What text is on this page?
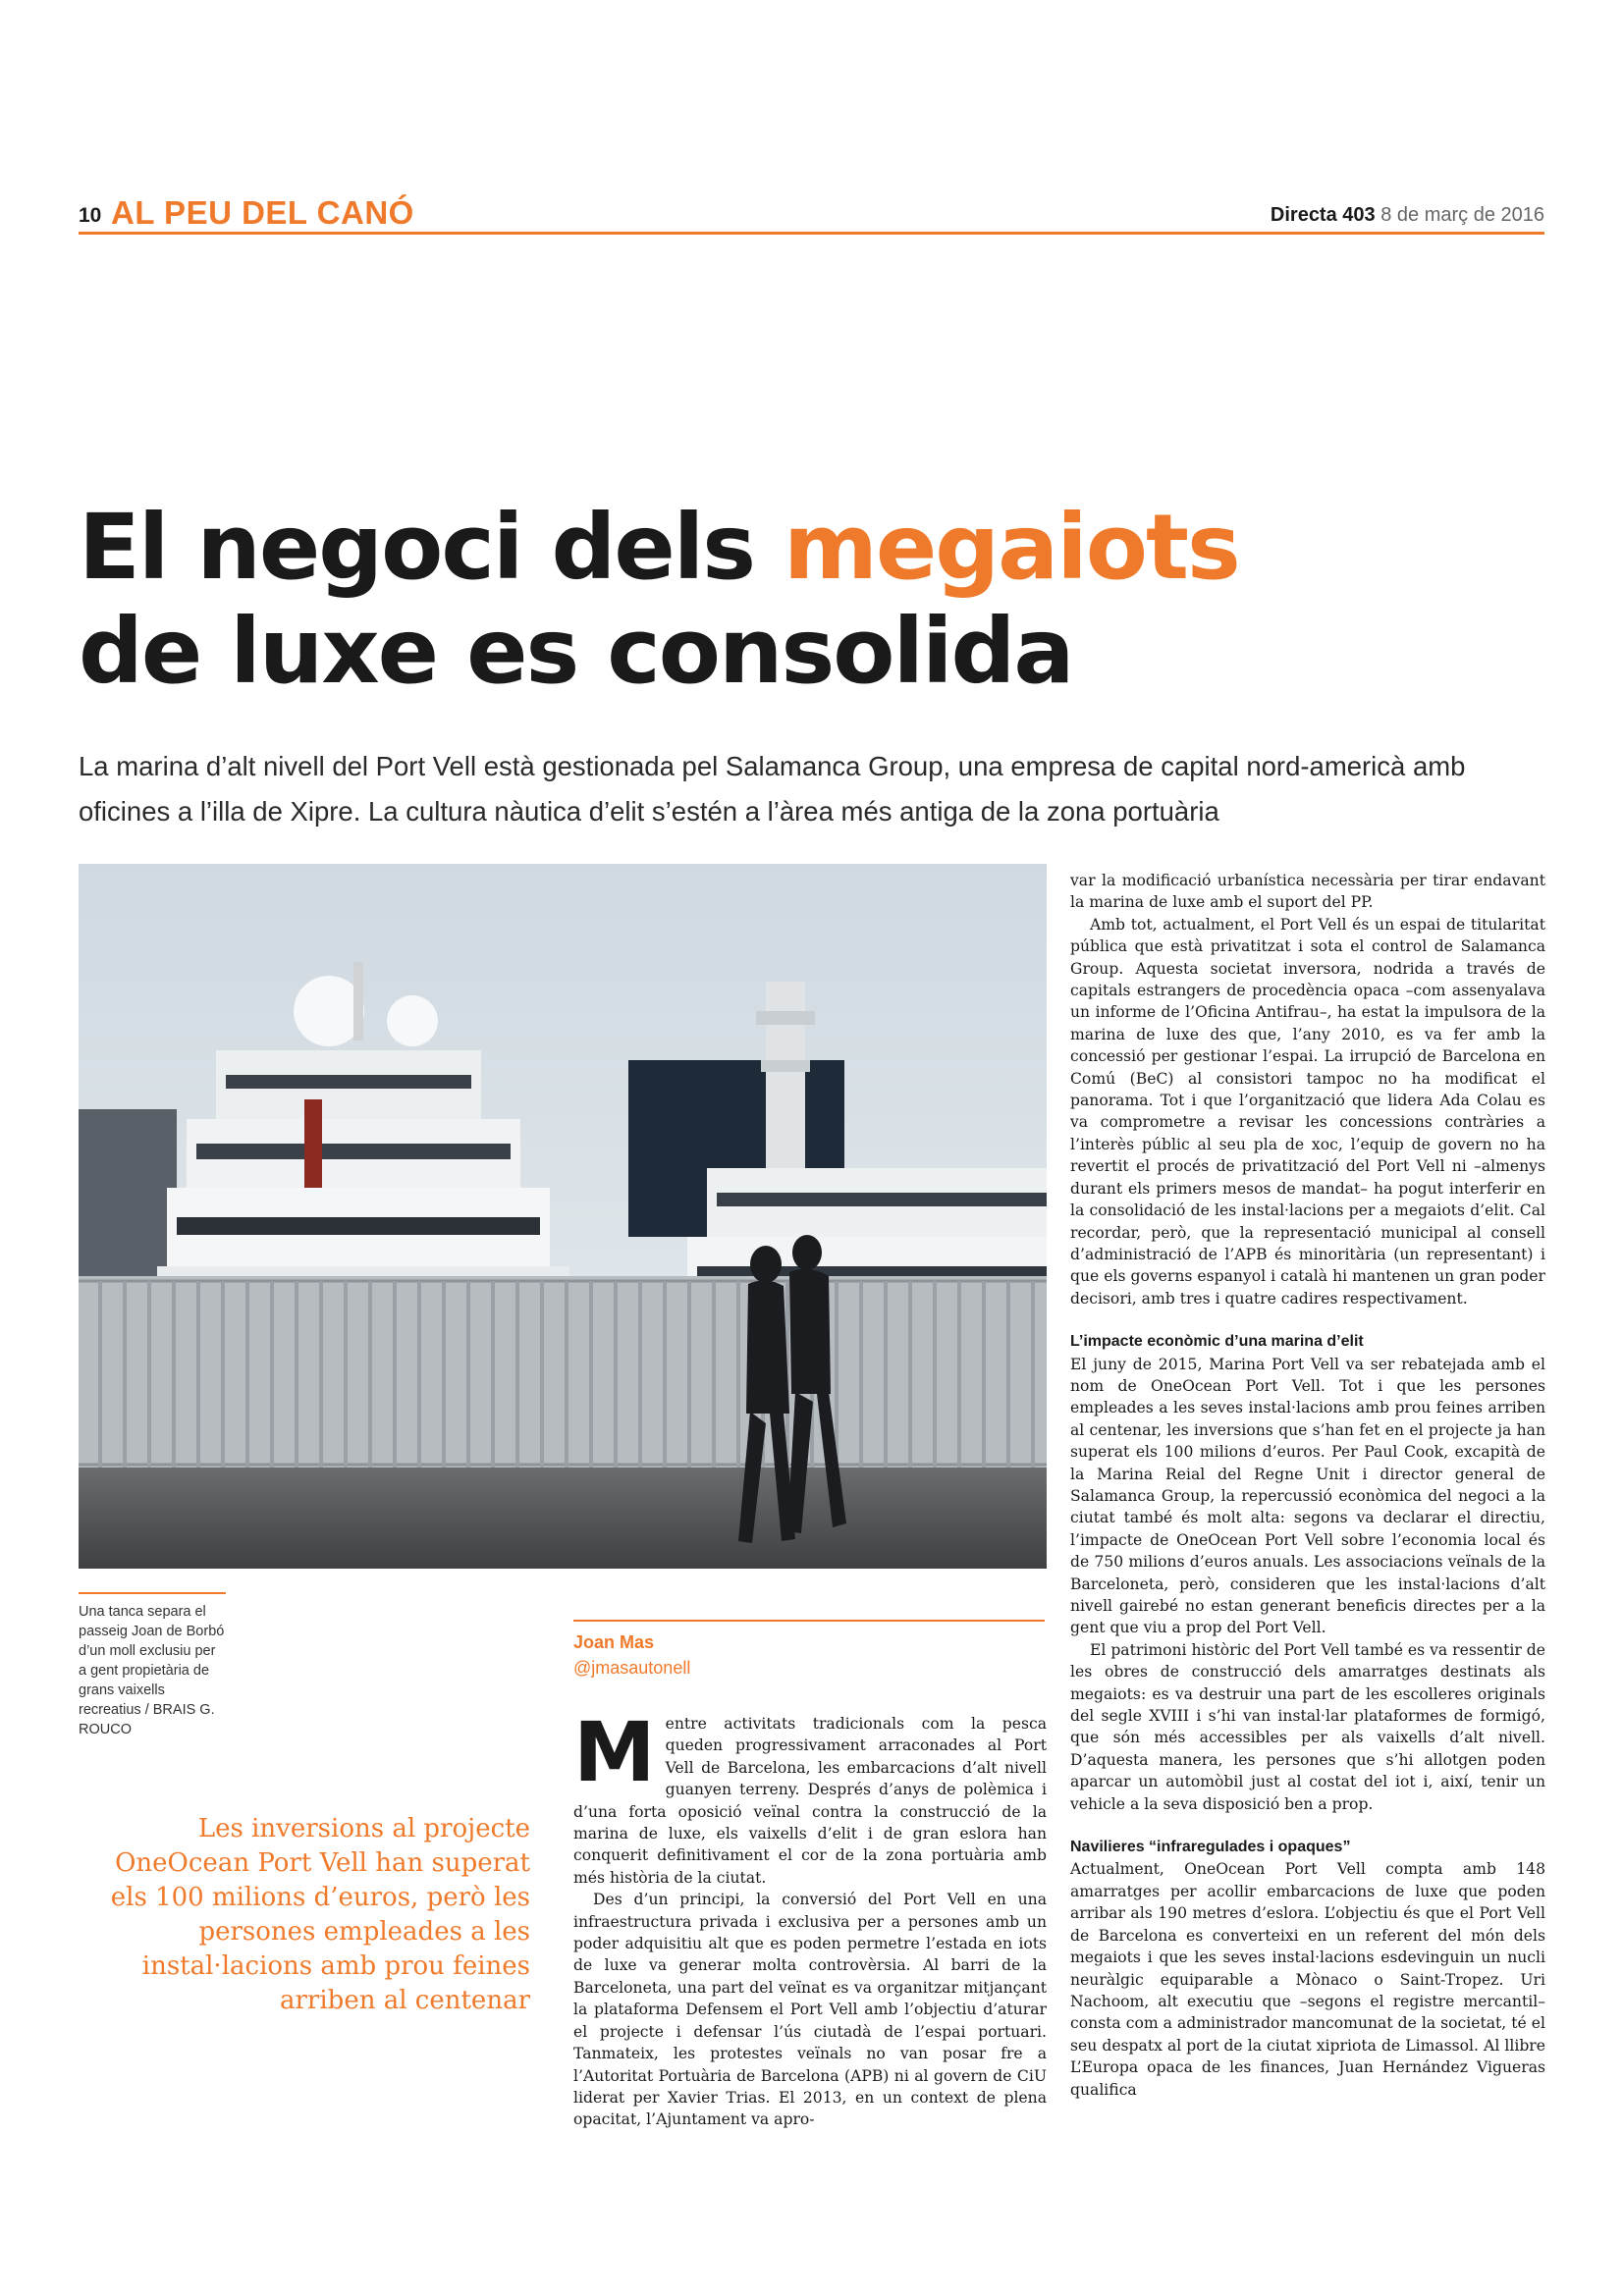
10 AL PEU DEL CANÓ	Directa 403 8 de març de 2016
El negoci dels megaiots
de luxe es consolida

La marina d’alt nivell del Port Vell està gestionada pel Salamanca Group, una empresa de capital nord-americà amb oficines a l’illa de Xipre. La cultura nàutica d’elit s’estén a l’àrea més antiga de la zona portuària

Una tanca separa el passeig Joan de Borbó d’un moll exclusiu per a gent propietària de grans vaixells recreatius / BRAIS G. ROUCO

Les inversions al projecte OneOcean Port Vell han superat els 100 milions d’euros, però les persones empleades a les instal·lacions amb prou feines arriben al centenar

Joan Mas
@jmasautonell

Mentre activitats tradicionals com la pesca queden progressivament arraconades al Port Vell de Barcelona, les embarcacions d’alt nivell guanyen terreny. Després d’anys de polèmica i d’una forta oposició veïnal contra la construcció de la marina de luxe, els vaixells d’elit i de gran eslora han conquerit definitivament el cor de la zona portuària amb més història de la ciutat.

Des d’un principi, la conversió del Port Vell en una infraestructura privada i exclusiva per a persones amb un poder adquisitiu alt que es poden permetre l’estada en iots de luxe va generar molta controvèrsia. Al barri de la Barceloneta, una part del veïnat es va organitzar mitjançant la plataforma Defensem el Port Vell amb l’objectiu d’aturar el projecte i defensar l’ús ciutadà de l’espai portuari. Tanmateix, les protestes veïnals no van posar fre a l’Autoritat Portuària de Barcelona (APB) ni al govern de CiU liderat per Xavier Trias. El 2013, en un context de plena opacitat, l’Ajuntament va apro-

var la modificació urbanística necessària per tirar endavant la marina de luxe amb el suport del PP.

Amb tot, actualment, el Port Vell és un espai de titularitat pública que està privatitzat i sota el control de Salamanca Group. Aquesta societat inversora, nodrida a través de capitals estrangers de procedència opaca –com assenyalava un informe de l’Oficina Antifrau–, ha estat la impulsora de la marina de luxe des que, l’any 2010, es va fer amb la concessió per gestionar l’espai. La irrupció de Barcelona en Comú (BeC) al consistori tampoc no ha modificat el panorama. Tot i que l’organització que lidera Ada Colau es va comprometre a revisar les concessions contràries a l’interès públic al seu pla de xoc, l’equip de govern no ha revertit el procés de privatització del Port Vell ni –almenys durant els primers mesos de mandat– ha pogut interferir en la consolidació de les instal·lacions per a megaiots d’elit. Cal recordar, però, que la representació municipal al consell d’administració de l’APB és minoritària (un representant) i que els governs espanyol i català hi mantenen un gran poder decisori, amb tres i quatre cadires respectivament.

L’impacte econòmic d’una marina d’elit

El juny de 2015, Marina Port Vell va ser rebatejada amb el nom de OneOcean Port Vell. Tot i que les persones empleades a les seves instal·lacions amb prou feines arriben al centenar, les inversions que s’han fet en el projecte ja han superat els 100 milions d’euros. Per Paul Cook, excapità de la Marina Reial del Regne Unit i director general de Salamanca Group, la repercussió econòmica del negoci a la ciutat també és molt alta: segons va declarar el directiu, l’impacte de OneOcean Port Vell sobre l’economia local és de 750 milions d’euros anuals. Les associacions veïnals de la Barceloneta, però, consideren que les instal·lacions d’alt nivell gairebé no estan generant beneficis directes per a la gent que viu a prop del Port Vell.

El patrimoni històric del Port Vell també es va ressentir de les obres de construcció dels amarratges destinats als megaiots: es va destruir una part de les escolleres originals del segle XVIII i s’hi van instal·lar plataformes de formigó, que són més accessibles per als vaixells d’alt nivell. D’aquesta manera, les persones que s’hi allotgen poden aparcar un automòbil just al costat del iot i, així, tenir un vehicle a la seva disposició ben a prop.

Navilieres “infrareguIades i opaques”

Actualment, OneOcean Port Vell compta amb 148 amarratges per acollir embarcacions de luxe que poden arribar als 190 metres d’eslora. L’objectiu és que el Port Vell de Barcelona es converteixi en un referent del món dels megaiots i que les seves instal·lacions esdevinguin un nucli neuràlgic equiparable a Mònaco o Saint-Tropez. Uri Nachoom, alt executiu que –segons el registre mercantil– consta com a administrador mancomunat de la societat, té el seu despatx al port de la ciutat xipriota de Limassol. Al llibre L’Europa opaca de les finances, Juan Hernández Vigueras qualifica
